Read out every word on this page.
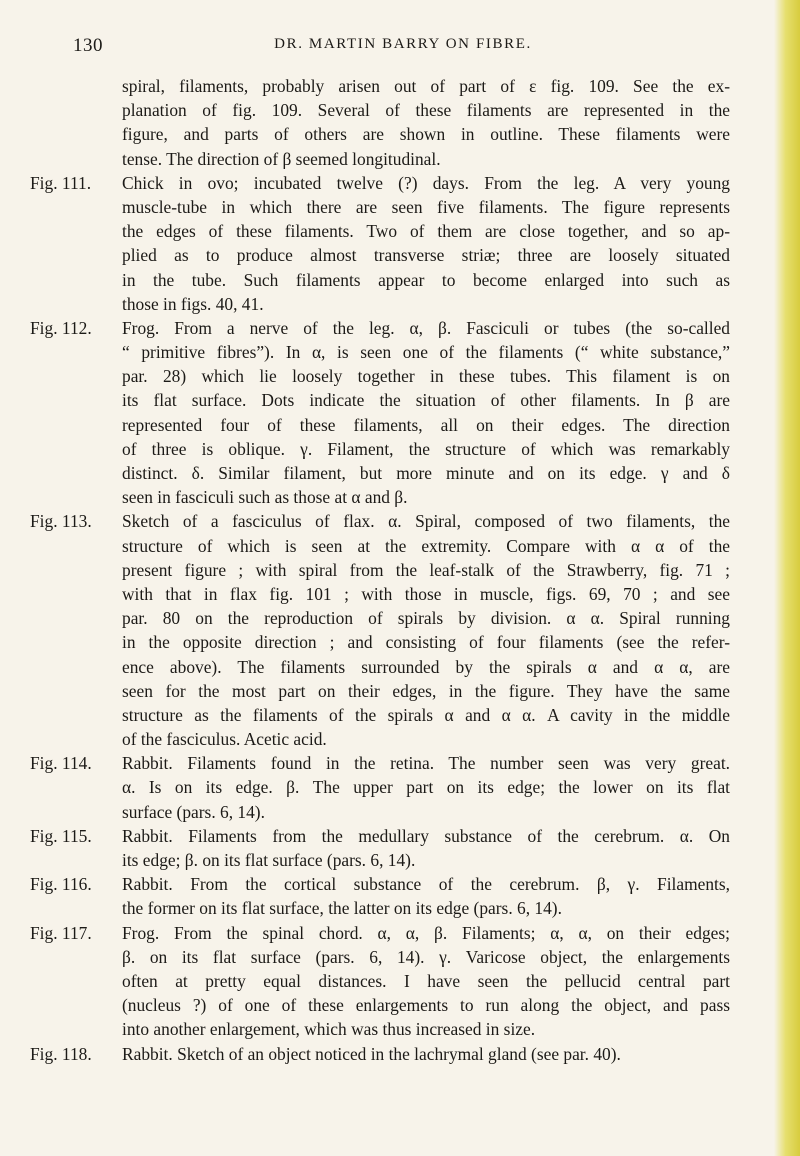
130	DR. MARTIN BARRY ON FIBRE.
spiral, filaments, probably arisen out of part of ε fig. 109. See the ex-
planation of fig. 109. Several of these filaments are represented in the
figure, and parts of others are shown in outline. These filaments were
tense. The direction of β seemed longitudinal.
Fig. 111.	Chick in ovo; incubated twelve (?) days. From the leg. A very young
muscle-tube in which there are seen five filaments. The figure represents
the edges of these filaments. Two of them are close together, and so ap-
plied as to produce almost transverse striæ; three are loosely situated
in the tube. Such filaments appear to become enlarged into such as
those in figs. 40, 41.
Fig. 112.	Frog. From a nerve of the leg. α, β. Fasciculi or tubes (the so-called
“ primitive fibres”). In α, is seen one of the filaments (“ white substance,”
par. 28) which lie loosely together in these tubes. This filament is on
its flat surface. Dots indicate the situation of other filaments. In β are
represented four of these filaments, all on their edges. The direction
of three is oblique. γ. Filament, the structure of which was remarkably
distinct. δ. Similar filament, but more minute and on its edge. γ and δ
seen in fasciculi such as those at α and β.
Fig. 113.	Sketch of a fasciculus of flax. α. Spiral, composed of two filaments, the
structure of which is seen at the extremity. Compare with α α of the
present figure ; with spiral from the leaf-stalk of the Strawberry, fig. 71 ;
with that in flax fig. 101 ; with those in muscle, figs. 69, 70 ; and see
par. 80 on the reproduction of spirals by division. α α. Spiral running
in the opposite direction ; and consisting of four filaments (see the refer-
ence above). The filaments surrounded by the spirals α and α α, are
seen for the most part on their edges, in the figure. They have the same
structure as the filaments of the spirals α and α α. A cavity in the middle
of the fasciculus. Acetic acid.
Fig. 114.	Rabbit. Filaments found in the retina. The number seen was very great.
α. Is on its edge. β. The upper part on its edge; the lower on its flat
surface (pars. 6, 14).
Fig. 115.	Rabbit. Filaments from the medullary substance of the cerebrum. α. On
its edge; β. on its flat surface (pars. 6, 14).
Fig. 116.	Rabbit. From the cortical substance of the cerebrum. β, γ. Filaments,
the former on its flat surface, the latter on its edge (pars. 6, 14).
Fig. 117.	Frog. From the spinal chord. α, α, β. Filaments; α, α, on their edges;
β. on its flat surface (pars. 6, 14). γ. Varicose object, the enlargements
often at pretty equal distances. I have seen the pellucid central part
(nucleus ?) of one of these enlargements to run along the object, and pass
into another enlargement, which was thus increased in size.
Fig. 118.	Rabbit. Sketch of an object noticed in the lachrymal gland (see par. 40).
